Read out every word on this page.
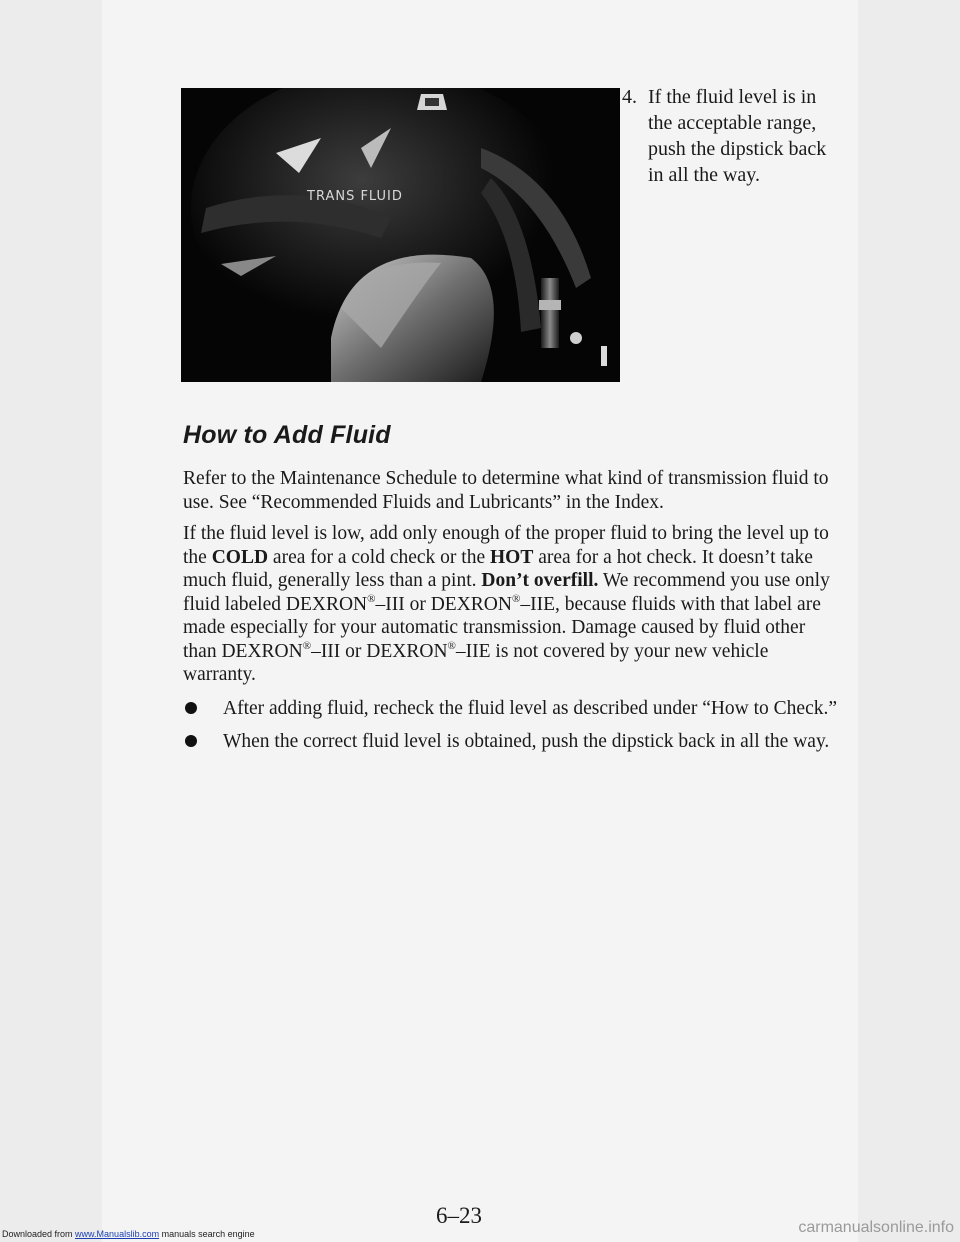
TRANS FLUID
4. If the fluid level is in the acceptable range, push the dipstick back in all the way.
How to Add Fluid

Refer to the Maintenance Schedule to determine what kind of transmission fluid to use. See “Recommended Fluids and Lubricants” in the Index.

If the fluid level is low, add only enough of the proper fluid to bring the level up to the COLD area for a cold check or the HOT area for a hot check. It doesn’t take much fluid, generally less than a pint. Don’t overfill. We recommend you use only fluid labeled DEXRON®–III or DEXRON®–IIE, because fluids with that label are made especially for your automatic transmission. Damage caused by fluid other than DEXRON®–III or DEXRON®–IIE is not covered by your new vehicle warranty.

After adding fluid, recheck the fluid level as described under “How to Check.”
When the correct fluid level is obtained, push the dipstick back in all the way.
6–23
Downloaded from www.Manualslib.com manuals search engine	carmanualsonline.info
